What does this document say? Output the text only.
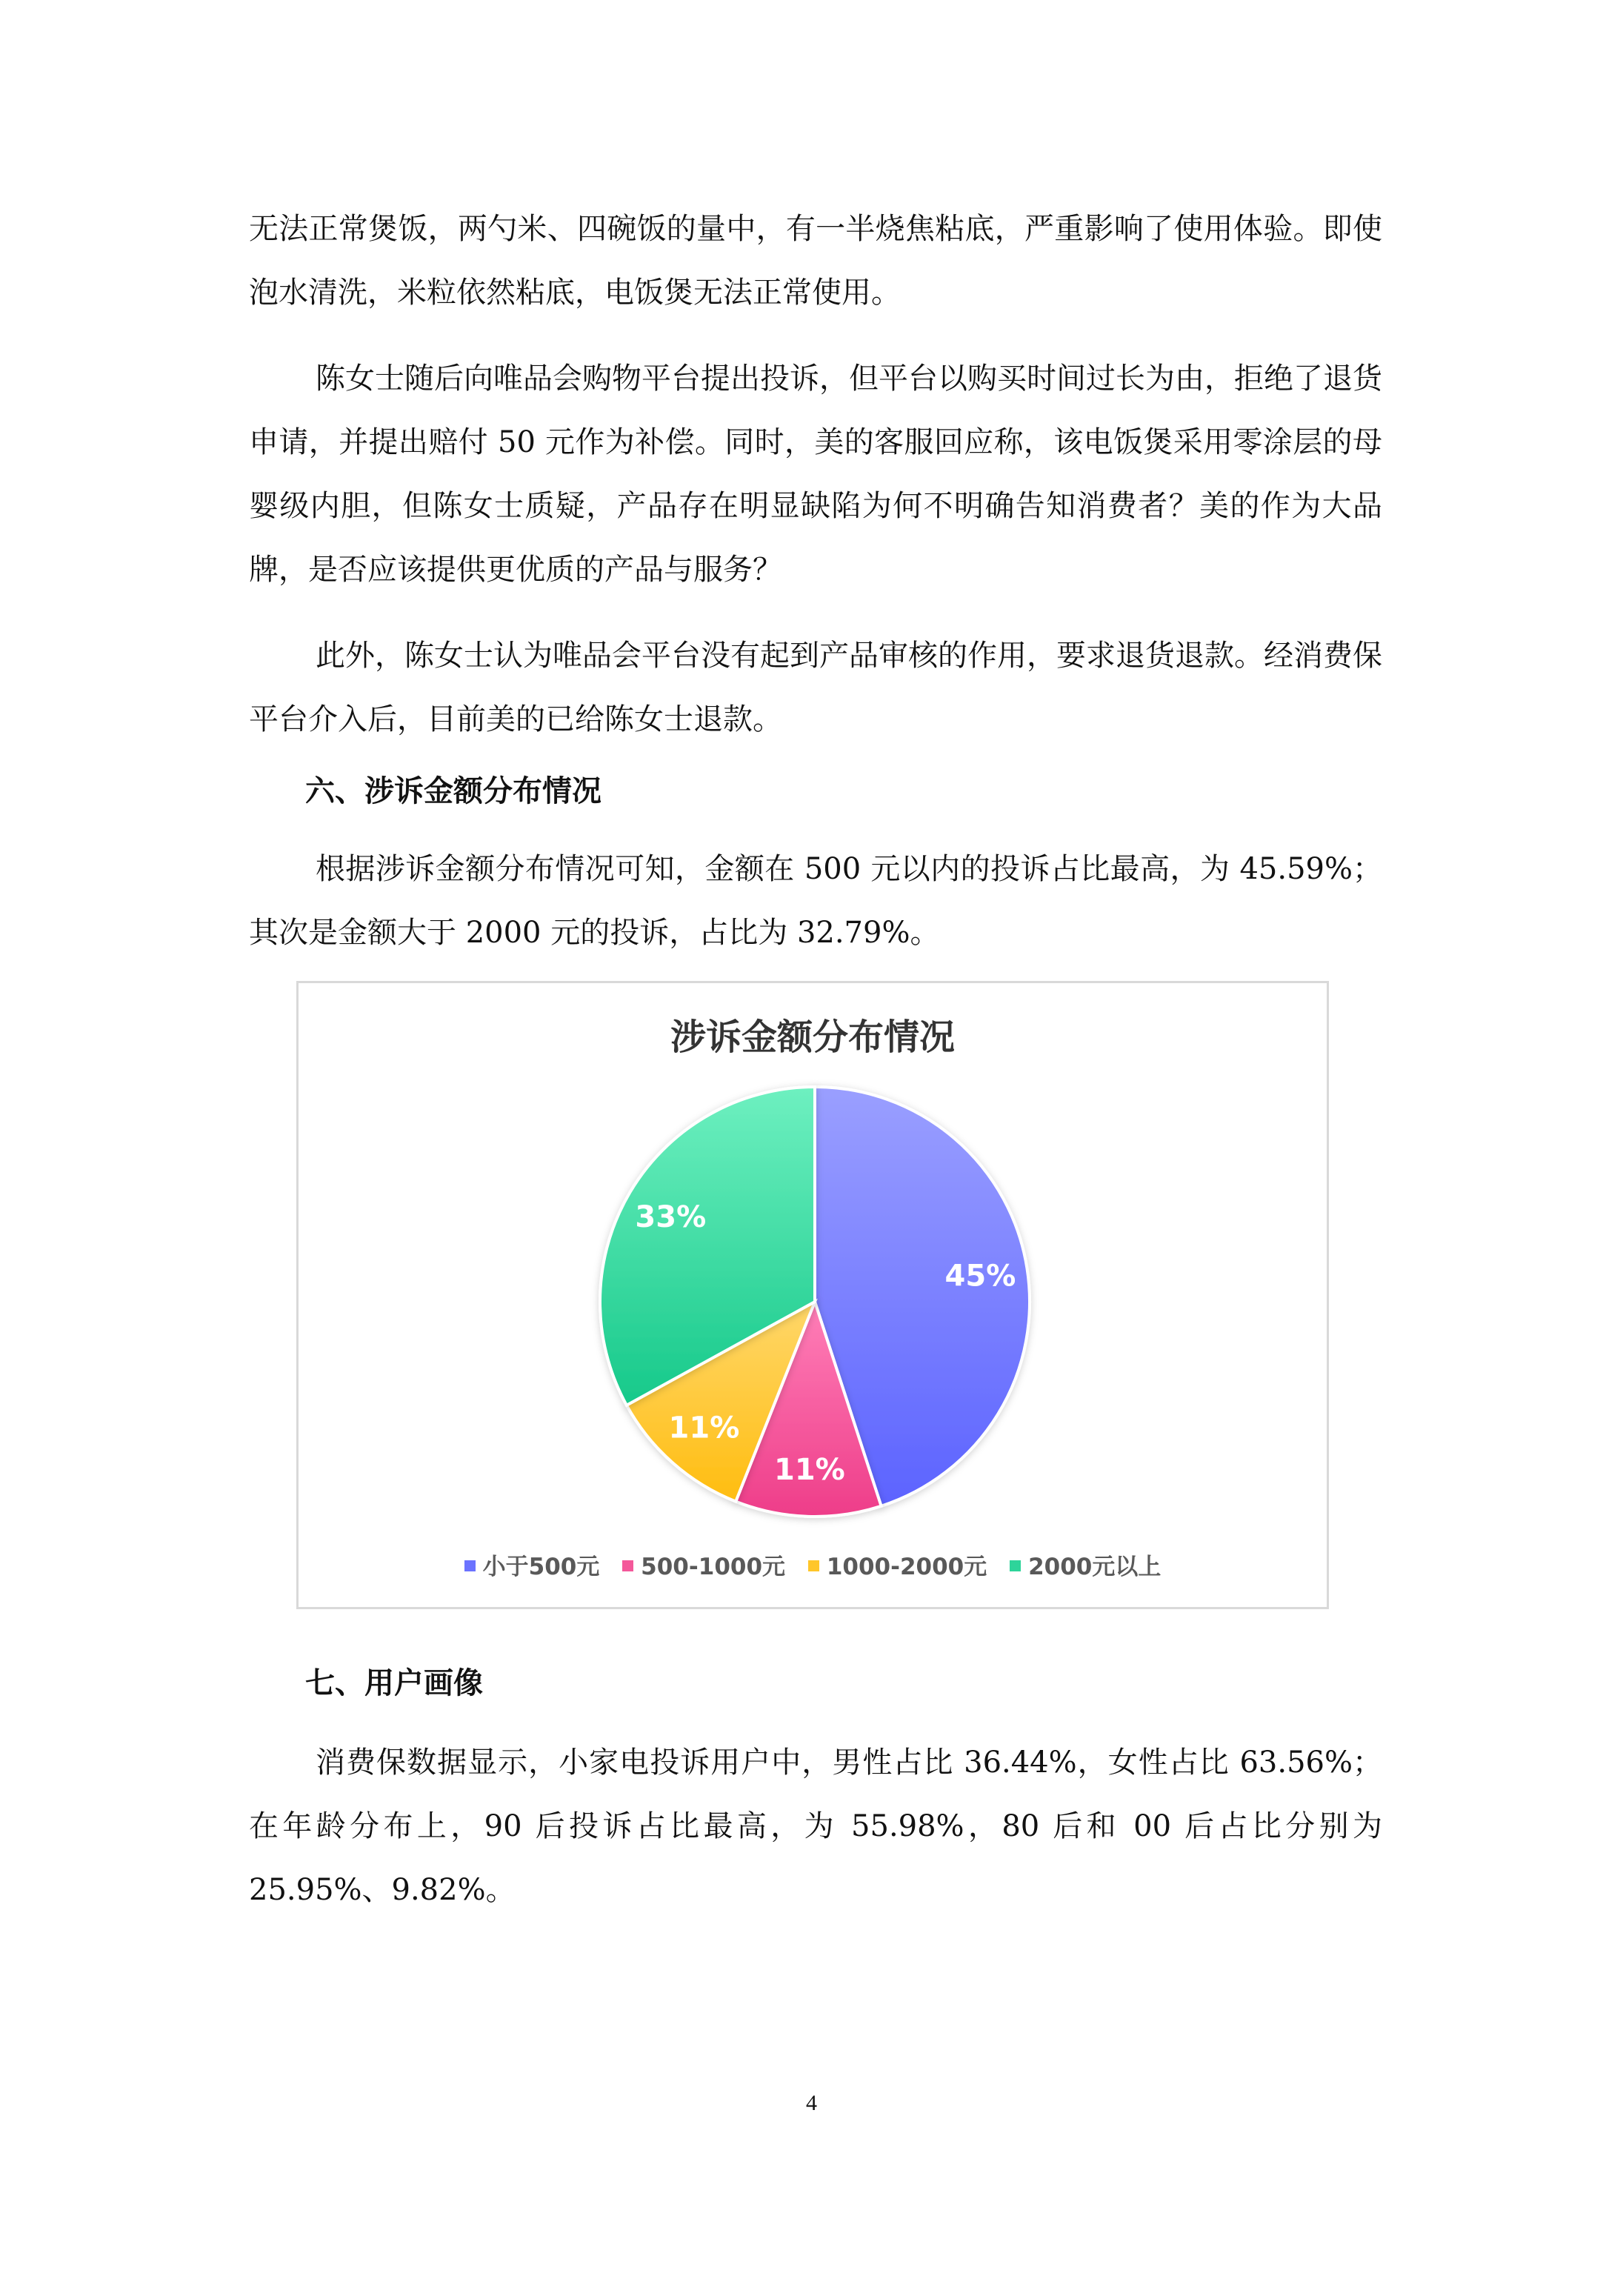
无法正常煲饭，两勺米、四碗饭的量中，有一半烧焦粘底，严重影响了使用体验。即使泡水清洗，米粒依然粘底，电饭煲无法正常使用。

陈女士随后向唯品会购物平台提出投诉，但平台以购买时间过长为由，拒绝了退货申请，并提出赔付 50 元作为补偿。同时，美的客服回应称，该电饭煲采用零涂层的母婴级内胆，但陈女士质疑，产品存在明显缺陷为何不明确告知消费者？美的作为大品牌，是否应该提供更优质的产品与服务？

此外，陈女士认为唯品会平台没有起到产品审核的作用，要求退货退款。经消费保平台介入后，目前美的已给陈女士退款。

六、涉诉金额分布情况

根据涉诉金额分布情况可知，金额在 500 元以内的投诉占比最高，为 45.59%；其次是金额大于 2000 元的投诉，占比为 32.79%。

涉诉金额分布情况
45%
11%
11%
33%
小于500元 500-1000元 1000-2000元 2000元以上
七、用户画像

消费保数据显示，小家电投诉用户中，男性占比 36.44%，女性占比 63.56%；在年龄分布上，90 后投诉占比最高，为 55.98%，80 后和 00 后占比分别为 25.95%、9.82%。

4
